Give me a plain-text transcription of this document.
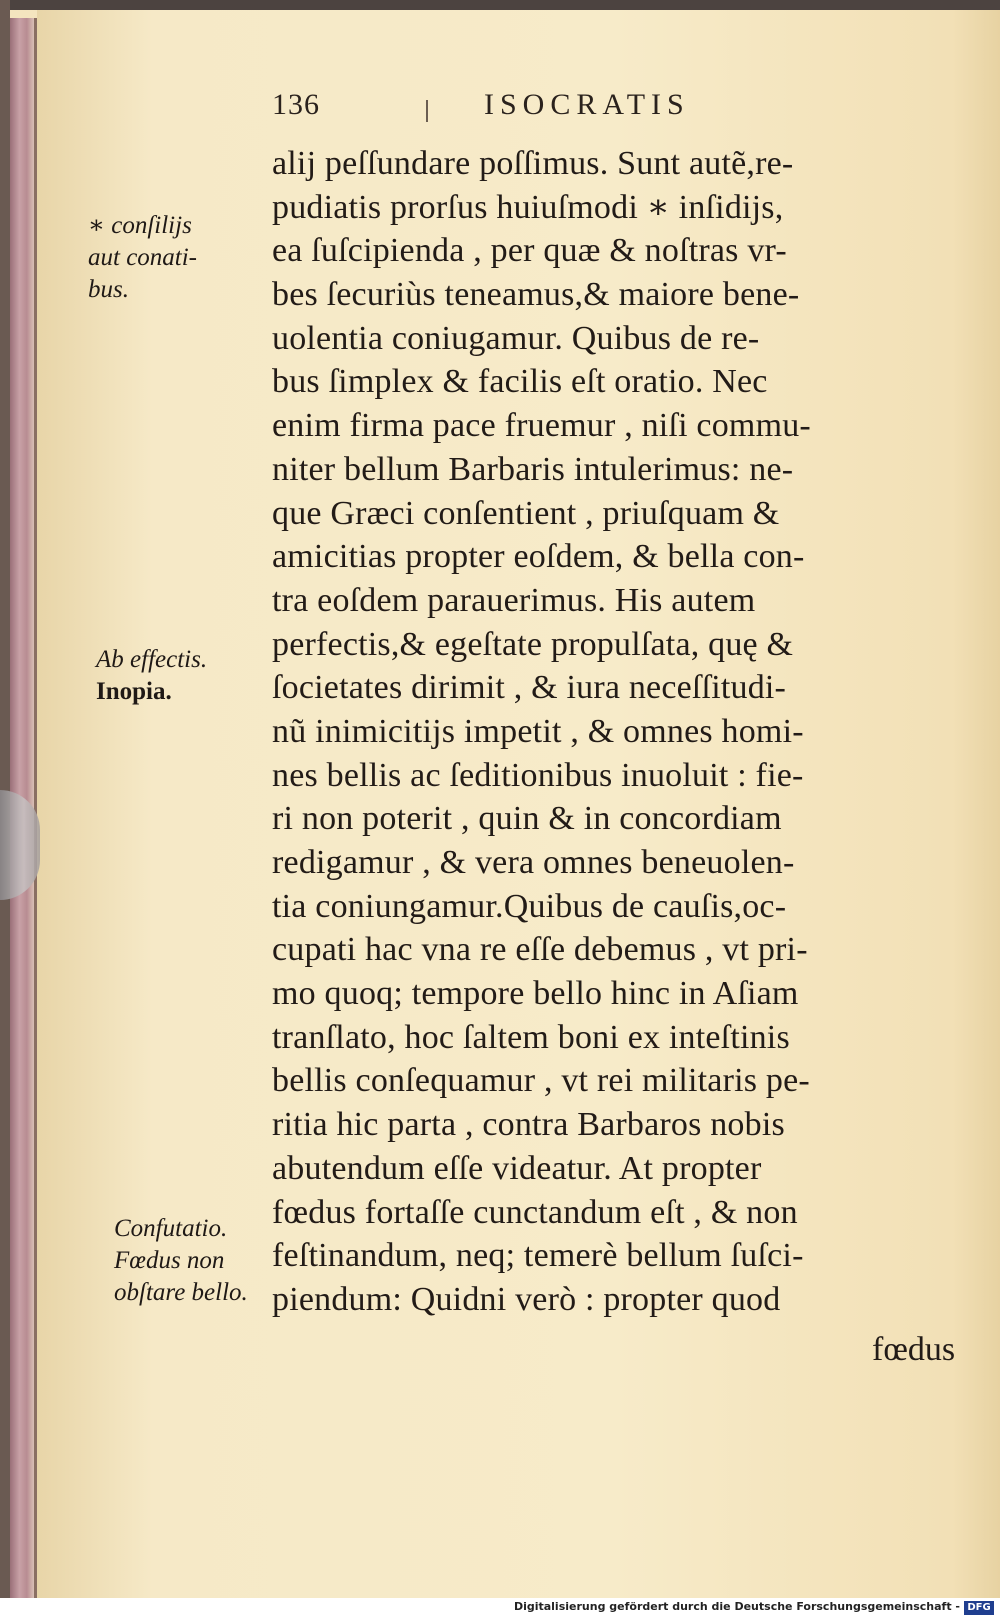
136	ISOCRATIS
alij peſſundare poſſimus. Sunt autẽ,re-
pudiatis prorſus huiuſmodi ∗ inſidijs,
ea ſuſcipienda , per quæ & noſtras vr-
bes ſecuriùs teneamus,& maiore bene-
uolentia coniugamur. Quibus de re-
bus ſimplex & facilis eſt oratio. Nec
enim firma pace fruemur , niſi commu-
niter bellum Barbaris intulerimus: ne-
que Græci conſentient , priuſquam &
amicitias propter eoſdem, & bella con-
tra eoſdem parauerimus. His autem
perfectis,& egeſtate propulſata, quę &
ſocietates dirimit , & iura neceſſitudi-
nũ inimicitijs impetit , & omnes homi-
nes bellis ac ſeditionibus inuoluit : fie-
ri non poterit , quin & in concordiam
redigamur , & vera omnes beneuolen-
tia coniungamur.Quibus de cauſis,oc-
cupati hac vna re eſſe debemus , vt pri-
mo quoq; tempore bello hinc in Aſiam
tranſlato, hoc ſaltem boni ex inteſtinis
bellis conſequamur , vt rei militaris pe-
ritia hic parta , contra Barbaros nobis
abutendum eſſe videatur. At propter
fœdus fortaſſe cunctandum eſt , & non
feſtinandum, neq; temerè bellum ſuſci-
piendum: Quidni verò : propter quod
fœdus
∗ conſilijs
aut conati-
bus.
Ab effectis.
Inopia.
Confutatio.
Fœdus non
obſtare bello.
Digitalisierung gefördert durch die Deutsche Forschungsgemeinschaft - DFG
